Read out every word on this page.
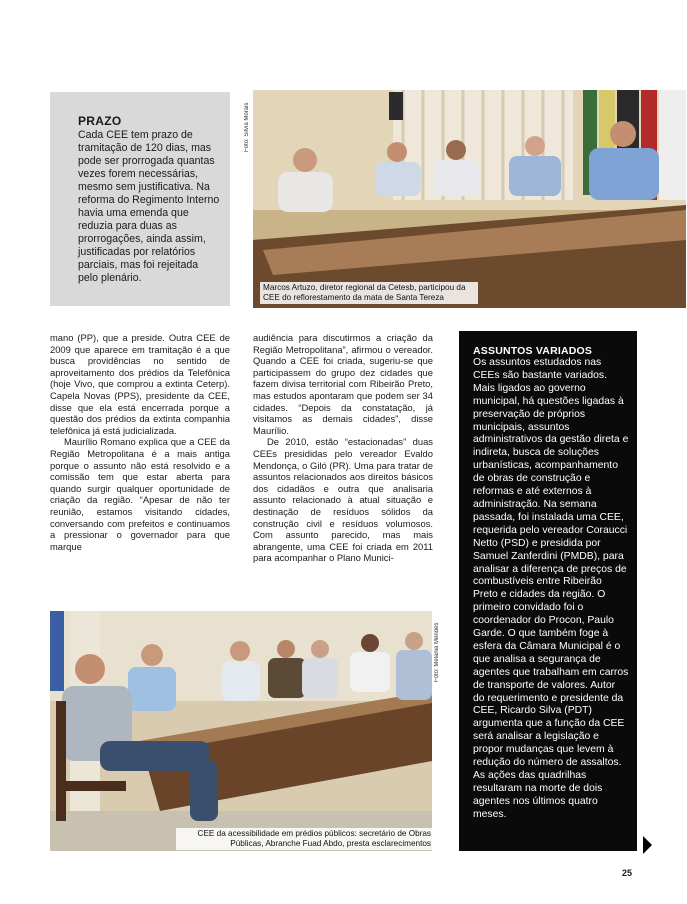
PRAZO

Cada CEE tem prazo de tramitação de 120 dias, mas pode ser prorrogada quantas vezes forem necessárias, mesmo sem justificativa. Na reforma do Regimento Interno havia uma emenda que reduzia para duas as prorrogações, ainda assim, justificadas por relatórios parciais, mas foi rejeitada pelo plenário.

Foto: Silvia Morais
Marcos Artuzo, diretor regional da Cetesb, participou da CEE do reflorestamento da mata de Santa Tereza

mano (PP), que a preside. Outra CEE de 2009 que aparece em tramitação é a que busca providências no sentido de aproveitamento dos prédios da Telefônica (hoje Vivo, que comprou a extinta Ceterp). Capela Novas (PPS), presidente da CEE, disse que ela está encerrada porque a questão dos prédios da extinta companhia telefônica já está judicializada.

Maurílio Romano explica que a CEE da Região Metropolitana é a mais antiga porque o assunto não está resolvido e a comissão tem que estar aberta para quando surgir qualquer oportunidade de criação da região. “Apesar de não ter reunião, estamos visitando cidades, conversando com prefeitos e continuamos a pressionar o governador para que marque

audiência para discutirmos a criação da Região Metropolitana”, afirmou o vereador. Quando a CEE foi criada, sugeriu-se que participassem do grupo dez cidades que fazem divisa territorial com Ribeirão Preto, mas estudos apontaram que podem ser 34 cidades. “Depois da constatação, já visitamos as demais cidades”, disse Maurílio.

De 2010, estão “estacionadas” duas CEEs presididas pelo vereador Evaldo Mendonça, o Giló (PR). Uma para tratar de assuntos relacionados aos direitos básicos dos cidadãos e outra que analisaria assunto relacionado à atual situação e destinação de resíduos sólidos da construção civil e resíduos volumosos. Com assunto parecido, mas mais abrangente, uma CEE foi criada em 2011 para acompanhar o Plano Munici-

Foto: Melania Mendes
CEE da acessibilidade em prédios públicos: secretário de Obras Públicas, Abranche Fuad Abdo, presta esclarecimentos
ASSUNTOS VARIADOS

Os assuntos estudados nas CEEs são bastante variados. Mais ligados ao governo municipal, há questões ligadas à preservação de próprios municipais, assuntos administrativos da gestão direta e indireta, busca de soluções urbanísticas, acompanhamento de obras de construção e reformas e até externos à administração. Na semana passada, foi instalada uma CEE, requerida pelo vereador Coraucci Netto (PSD) e presidida por Samuel Zanferdini (PMDB), para analisar a diferença de preços de combustíveis entre Ribeirão Preto e cidades da região. O primeiro convidado foi o coordenador do Procon, Paulo Garde. O que também foge à esfera da Câmara Municipal é o que analisa a segurança de agentes que trabalham em carros de transporte de valores. Autor do requerimento e presidente da CEE, Ricardo Silva (PDT) argumenta que a função da CEE será analisar a legislação e propor mudanças que levem à redução do número de assaltos. As ações das quadrilhas resultaram na morte de dois agentes nos últimos quatro meses.

25
